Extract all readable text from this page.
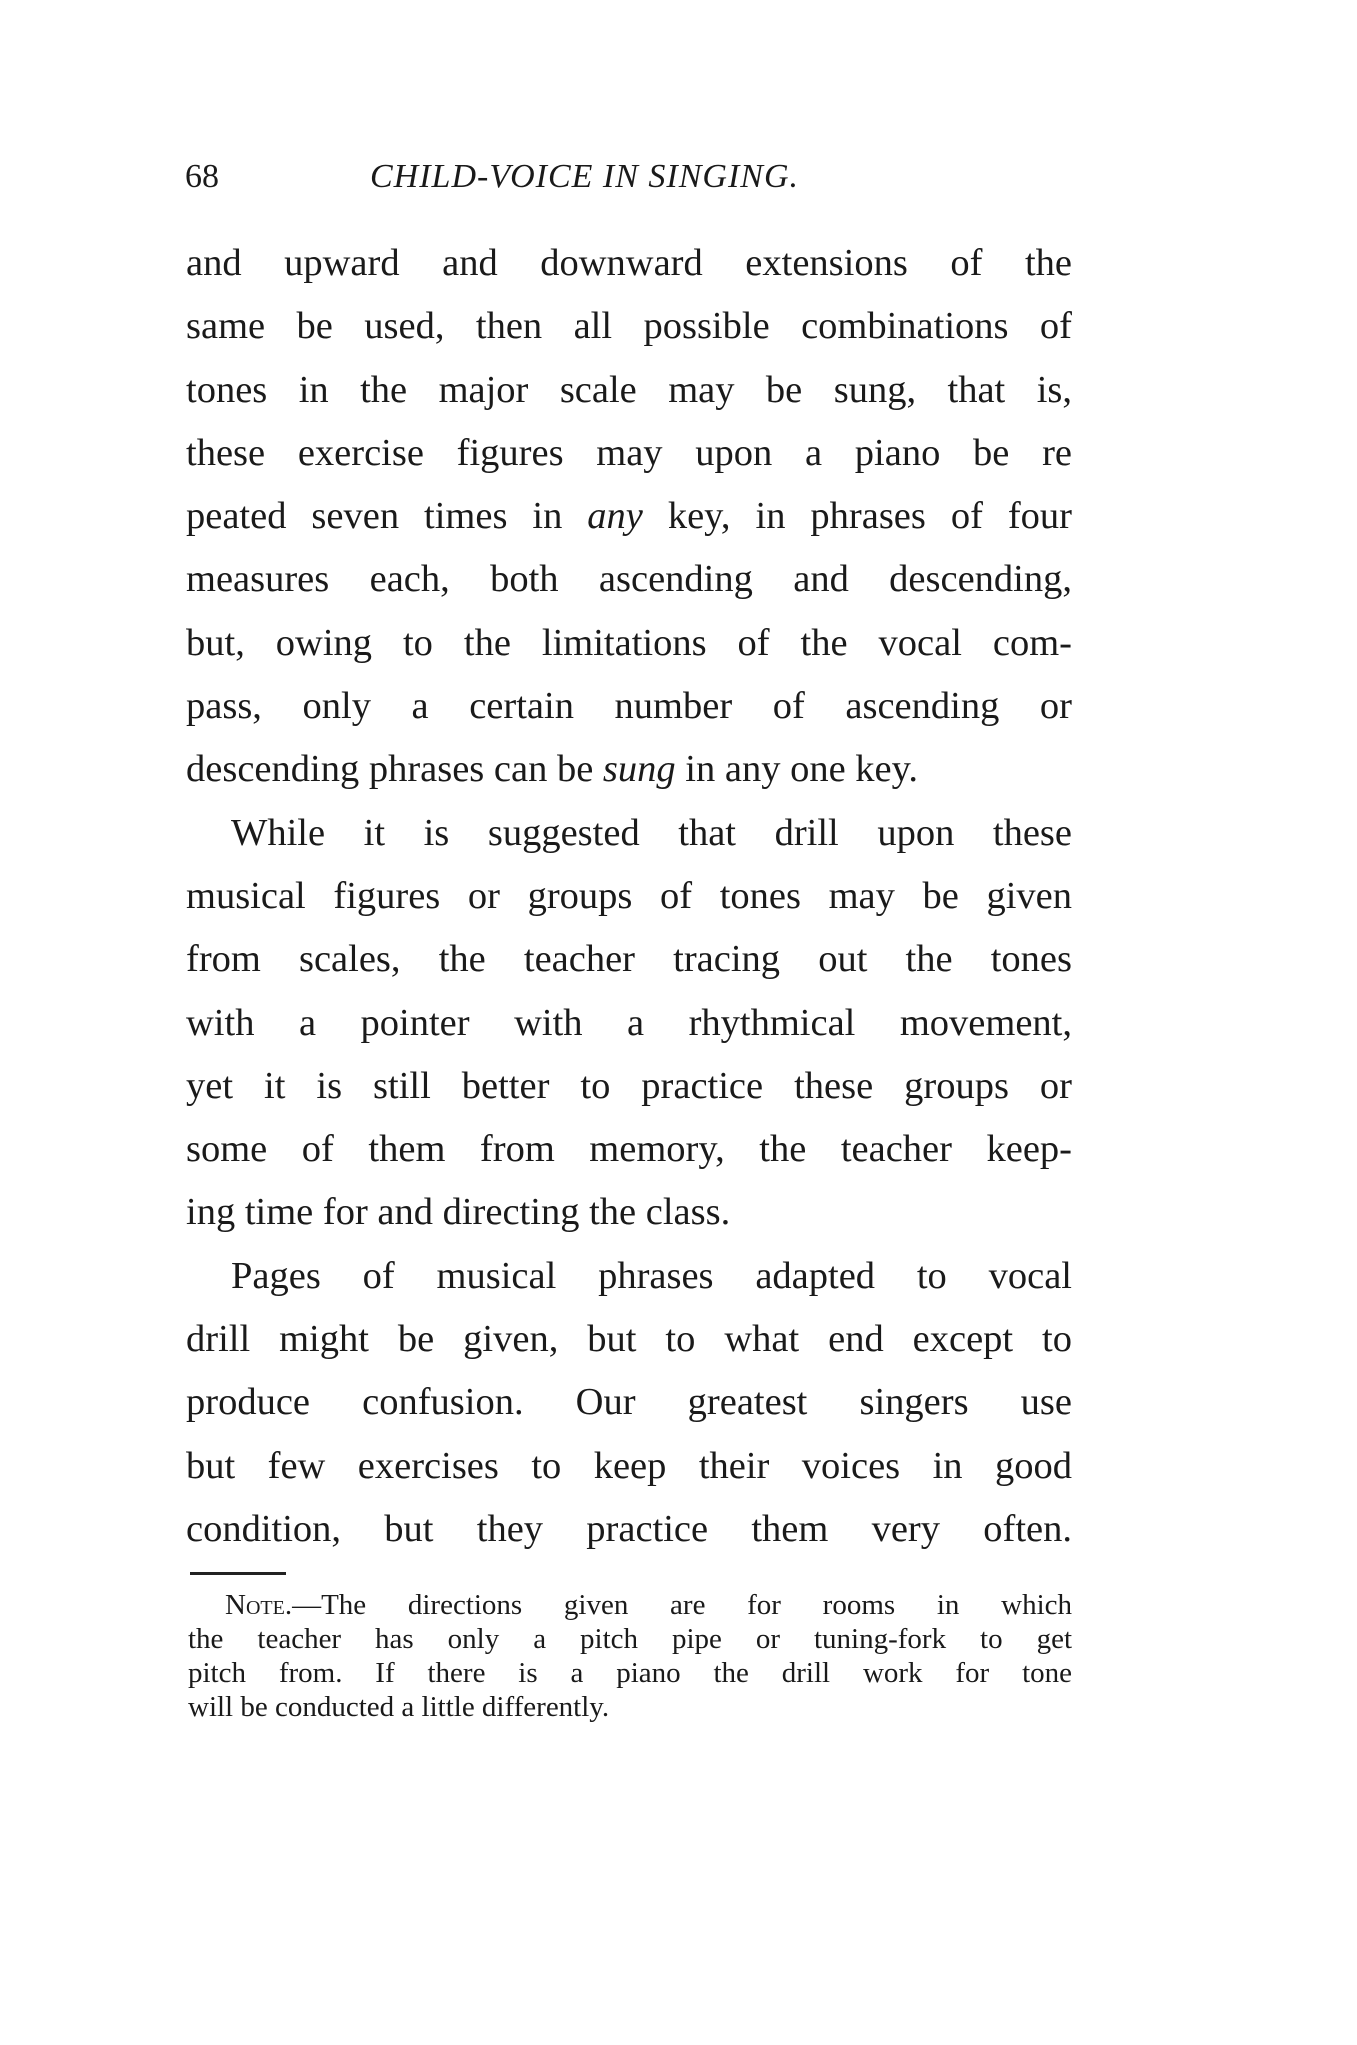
68	CHILD-VOICE IN SINGING.
and upward and downward extensions of the
same be used, then all possible combinations of
tones in the major scale may be sung, that is,
these exercise figures may upon a piano be re
peated seven times in any key, in phrases of four
measures each, both ascending and descending,
but, owing to the limitations of the vocal com-
pass, only a certain number of ascending or
descending phrases can be sung in any one key.
While it is suggested that drill upon these
musical figures or groups of tones may be given
from scales, the teacher tracing out the tones
with a pointer with a rhythmical movement,
yet it is still better to practice these groups or
some of them from memory, the teacher keep-
ing time for and directing the class.
Pages of musical phrases adapted to vocal
drill might be given, but to what end except to
produce confusion. Our greatest singers use
but few exercises to keep their voices in good
condition, but they practice them very often.
Note.—The directions given are for rooms in which
the teacher has only a pitch pipe or tuning-fork to get
pitch from. If there is a piano the drill work for tone
will be conducted a little differently.
